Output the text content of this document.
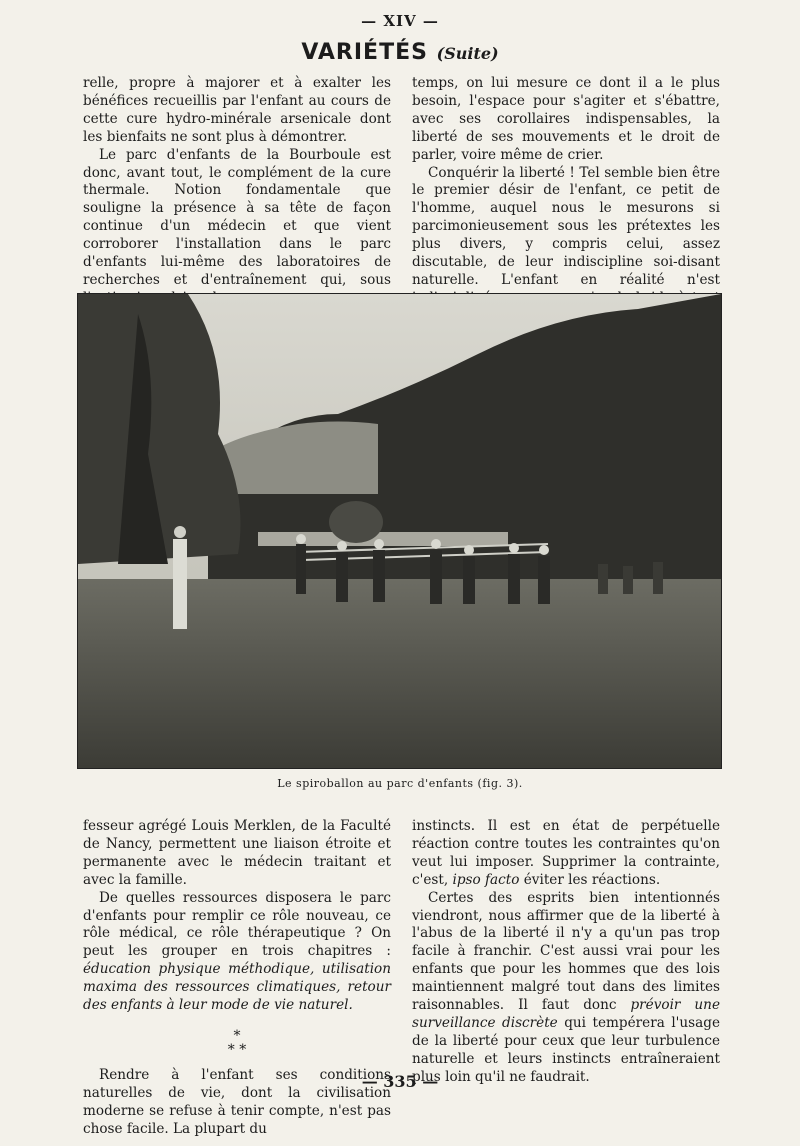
— XIV —
VARIÉTÉS (Suite)

relle, propre à majorer et à exalter les bénéfices recueillis par l'enfant au cours de cette cure hydro-minérale arsenicale dont les bienfaits ne sont plus à démontrer.

Le parc d'enfants de la Bourboule est donc, avant tout, le complément de la cure thermale. Notion fondamentale que souligne la présence à sa tête de façon continue d'un médecin et que vient corroborer l'installation dans le parc d'enfants lui-même des laboratoires de recherches et d'entraînement qui, sous

temps, on lui mesure ce dont il a le plus besoin, l'espace pour s'agiter et s'ébattre, avec ses corollaires indispensables, la liberté de ses mouvements et le droit de parler, voire même de crier.

Conquérir la liberté ! Tel semble bien être le premier désir de l'enfant, ce petit de l'homme, auquel nous le mesurons si parcimonieusement sous les prétextes les plus divers, y compris celui, assez discutable, de leur indiscipline soi-disant naturelle. L'enfant en réalité n'est

Le spiroballon au parc d'enfants (fig. 3).

fesseur agrégé Louis Merklen, de la Faculté de Nancy, permettent une liaison étroite et permanente avec le médecin traitant et avec la famille.

De quelles ressources disposera le parc d'enfants pour remplir ce rôle nouveau, ce rôle médical, ce rôle thérapeutique ? On peut les grouper en trois chapitres : éducation physique méthodique, utilisation maxima des ressources climatiques, retour des enfants à leur mode de vie naturel.

*
* *

Rendre à l'enfant ses conditions naturelles de vie, dont la civilisation moderne se refuse à tenir compte, n'est pas chose facile. La plupart du

instincts. Il est en état de perpétuelle réaction contre toutes les contraintes qu'on veut lui imposer. Supprimer la contrainte, c'est, ipso facto éviter les réactions.

Certes des esprits bien intentionnés viendront, nous affirmer que de la liberté à l'abus de la liberté il n'y a qu'un pas trop facile à franchir. C'est aussi vrai pour les enfants que pour les hommes que des lois maintiennent malgré tout dans des limites raisonnables. Il faut donc prévoir une surveillance discrète qui tempérera l'usage de la liberté pour ceux que leur turbulence naturelle et leurs instincts entraîneraient plus loin qu'il ne faudrait.

— 335 —
